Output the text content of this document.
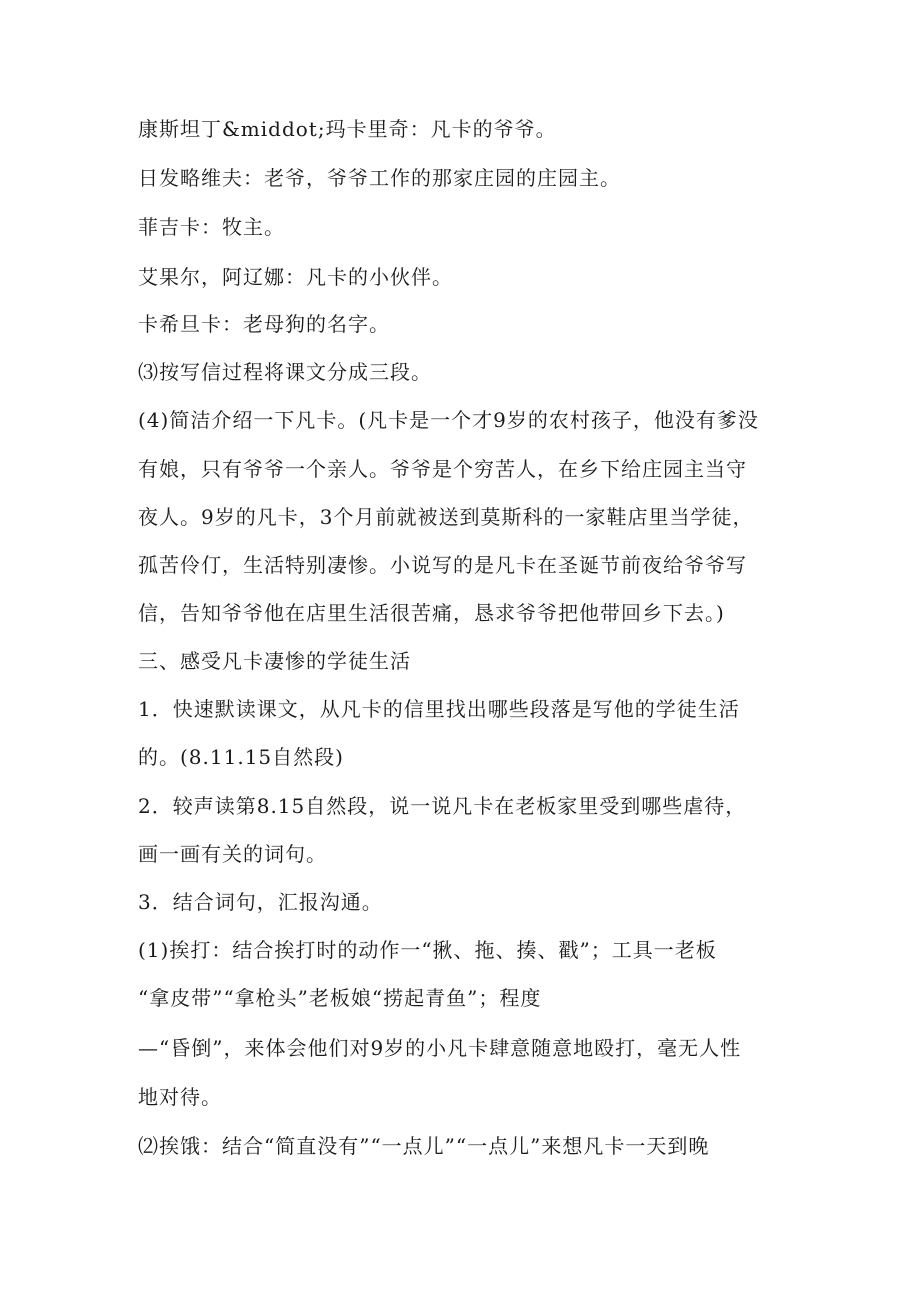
康斯坦丁&middot;玛卡里奇：凡卡的爷爷。
日发略维夫：老爷，爷爷工作的那家庄园的庄园主。
菲吉卡：牧主。
艾果尔，阿辽娜：凡卡的小伙伴。
卡希旦卡：老母狗的名字。
⑶按写信过程将课文分成三段。
(4)简洁介绍一下凡卡。(凡卡是一个才9岁的农村孩子，他没有爹没
有娘，只有爷爷一个亲人。爷爷是个穷苦人，在乡下给庄园主当守
夜人。9岁的凡卡，3个月前就被送到莫斯科的一家鞋店里当学徒，
孤苦伶仃，生活特别凄惨。小说写的是凡卡在圣诞节前夜给爷爷写
信，告知爷爷他在店里生活很苦痛，恳求爷爷把他带回乡下去。)
三、感受凡卡凄惨的学徒生活
1．快速默读课文，从凡卡的信里找出哪些段落是写他的学徒生活
的。(8.11.15自然段)
2．较声读第8.15自然段，说一说凡卡在老板家里受到哪些虐待，
画一画有关的词句。
3．结合词句，汇报沟通。
(1)挨打：结合挨打时的动作一“揪、拖、揍、戳”；工具一老板
“拿皮带”“拿枪头”老板娘“捞起青鱼”；程度
—“昏倒”，来体会他们对9岁的小凡卡肆意随意地殴打，毫无人性
地对待。
⑵挨饿：结合“简直没有”“一点儿”“一点儿”来想凡卡一天到晚
